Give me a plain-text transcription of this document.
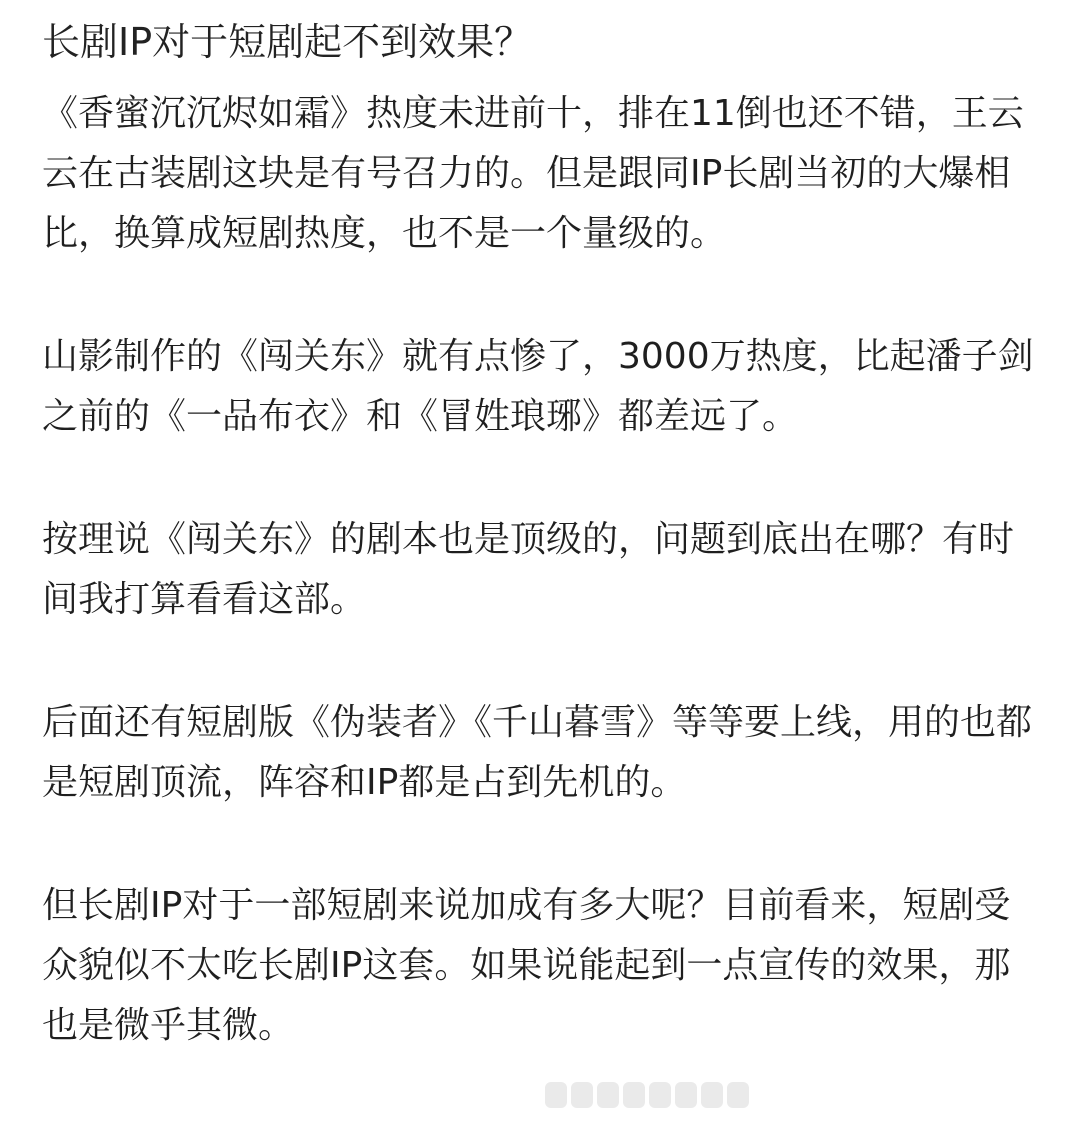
长剧IP对于短剧起不到效果？

《香蜜沉沉烬如霜》热度未进前十，排在11倒也还不错，王云云在古装剧这块是有号召力的。但是跟同IP长剧当初的大爆相比，换算成短剧热度，也不是一个量级的。

山影制作的《闯关东》就有点惨了，3000万热度，比起潘子剑之前的《一品布衣》和《冒姓琅琊》都差远了。

按理说《闯关东》的剧本也是顶级的，问题到底出在哪？有时间我打算看看这部。

后面还有短剧版《伪装者》《千山暮雪》等等要上线，用的也都是短剧顶流，阵容和IP都是占到先机的。

但长剧IP对于一部短剧来说加成有多大呢？目前看来，短剧受众貌似不太吃长剧IP这套。如果说能起到一点宣传的效果，那也是微乎其微。
